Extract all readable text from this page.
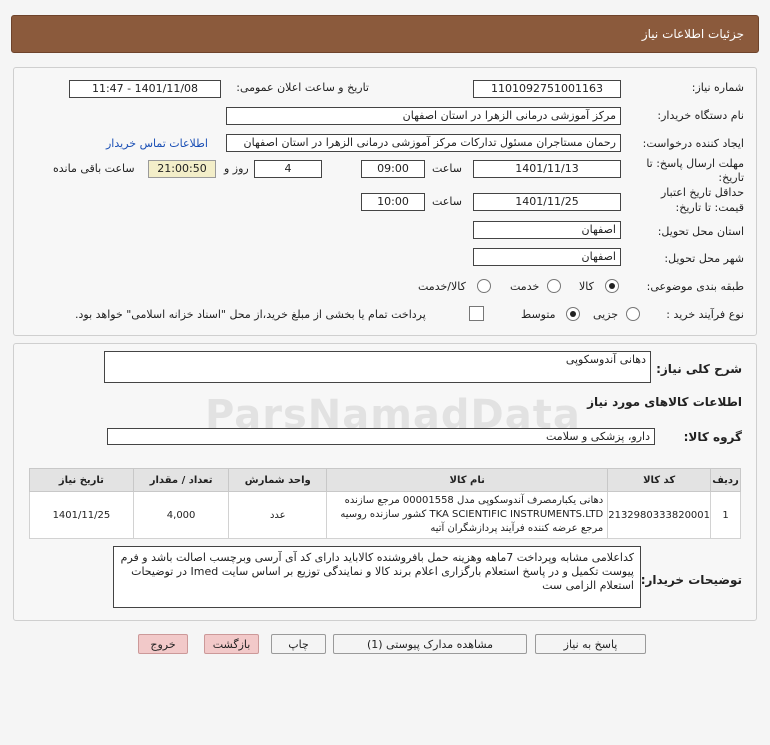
جزئیات اطلاعات نیاز
شماره نیاز:
1101092751001163
تاریخ و ساعت اعلان عمومی:
1401/11/08 - 11:47
نام دستگاه خریدار:
مرکز آموزشی درمانی الزهرا در استان اصفهان
ایجاد کننده درخواست:
رحمان مستاجران مسئول تدارکات مرکز آموزشی درمانی الزهرا در استان اصفهان
اطلاعات تماس خریدار
مهلت ارسال پاسخ: تا
تاریخ:
1401/11/13
ساعت
09:00
4
روز و
21:00:50
ساعت باقی مانده
حداقل تاریخ اعتبار
قیمت: تا تاریخ:
1401/11/25
ساعت
10:00
استان محل تحویل:
اصفهان
شهر محل تحویل:
اصفهان
طبقه بندی موضوعی:
کالا
خدمت
کالا/خدمت
نوع فرآیند خرید :
جزیی
متوسط
پرداخت تمام یا بخشی از مبلغ خرید،از محل "اسناد خزانه اسلامی" خواهد بود.
شرح کلی نیاز:
دهانی آندوسکوپی
اطلاعات کالاهای مورد نیاز
گروه کالا:
دارو، پزشکی و سلامت
ردیف	کد کالا	نام کالا	واحد شمارش	تعداد / مقدار	تاریخ نیاز
1	2132980333820001	دهانی یکبارمصرف آندوسکوپی مدل 00001558 مرجع سازنده TKA SCIENTIFIC INSTRUMENTS.LTD کشور سازنده روسیه مرجع عرضه کننده فرآیند پردازشگران آتیه	عدد	4,000	1401/11/25
توضیحات خریدار:
کداعلامی مشابه وپرداخت 7ماهه وهزینه حمل بافروشنده کالاباید دارای کد آی آرسی وبرچسب اصالت باشد و فرم پیوست تکمیل و در پاسخ استعلام بارگزاری اعلام برند کالا و نمایندگی توزیع بر اساس سایت Imed در توضیحات استعلام الزامی ست
پاسخ به نیاز
مشاهده مدارک پیوستی (1)
چاپ
بازگشت
خروج
